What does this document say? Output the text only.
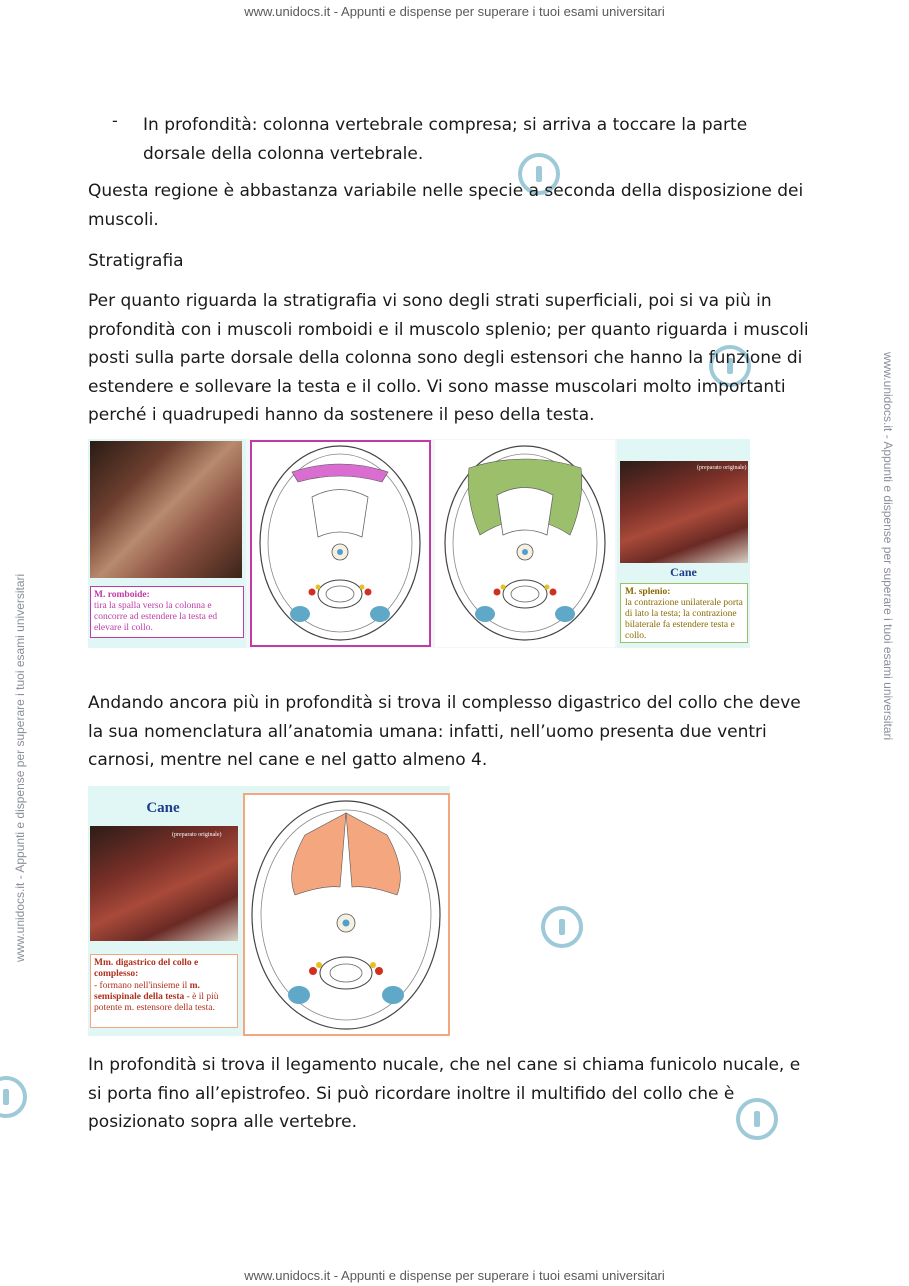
www.unidocs.it - Appunti e dispense per superare i tuoi esami universitari
www.unidocs.it - Appunti e dispense per superare i tuoi esami universitari
www.unidocs.it - Appunti e dispense per superare i tuoi esami universitari
www.unidocs.it - Appunti e dispense per superare i tuoi esami universitari
- In profondità: colonna vertebrale compresa; si arriva a toccare la parte dorsale della colonna vertebrale.
Questa regione è abbastanza variabile nelle specie a seconda della disposizione dei muscoli.
Stratigrafia
Per quanto riguarda la stratigrafia vi sono degli strati superficiali, poi si va più in profondità con i muscoli romboidi e il muscolo splenio; per quanto riguarda i muscoli posti sulla parte dorsale della colonna sono degli estensori che hanno la funzione di estendere e sollevare la testa e il collo. Vi sono masse muscolari molto importanti perché i quadrupedi hanno da sostenere il peso della testa.
M. romboide:
tira la spalla verso la colonna e concorre ad estendere la testa ed elevare il collo.
(preparato originale)
Cane
M. splenio:
la contrazione unilaterale porta di lato la testa; la contrazione bilaterale fa estendere testa e collo.
Andando ancora più in profondità si trova il complesso digastrico del collo che deve la sua nomenclatura all’anatomia umana: infatti, nell’uomo presenta due ventri carnosi, mentre nel cane e nel gatto almeno 4.
Cane
(preparato originale)
Mm. digastrico del collo e complesso:
- formano nell'insieme il m. semispinale della testa - è il più potente m. estensore della testa.
In profondità si trova il legamento nucale, che nel cane si chiama funicolo nucale, e si porta fino all’epistrofeo. Si può ricordare inoltre il multifido del collo che è posizionato sopra alle vertebre.
